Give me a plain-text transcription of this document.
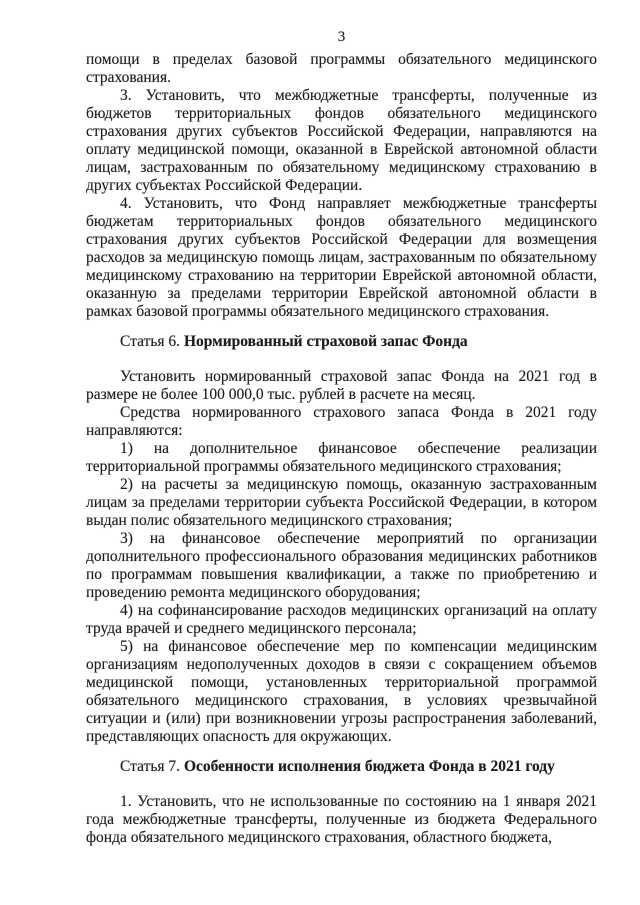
3

помощи в пределах базовой программы обязательного медицинского страхования.

3. Установить, что межбюджетные трансферты, полученные из бюджетов территориальных фондов обязательного медицинского страхования других субъектов Российской Федерации, направляются на оплату медицинской помощи, оказанной в Еврейской автономной области лицам, застрахованным по обязательному медицинскому страхованию в других субъектах Российской Федерации.

4. Установить, что Фонд направляет межбюджетные трансферты бюджетам территориальных фондов обязательного медицинского страхования других субъектов Российской Федерации для возмещения расходов за медицинскую помощь лицам, застрахованным по обязательному медицинскому страхованию на территории Еврейской автономной области, оказанную за пределами территории Еврейской автономной области в рамках базовой программы обязательного медицинского страхования.

Статья 6. Нормированный страховой запас Фонда

Установить нормированный страховой запас Фонда на 2021 год в размере не более 100 000,0 тыс. рублей в расчете на месяц.

Средства нормированного страхового запаса Фонда в 2021 году направляются:

1) на дополнительное финансовое обеспечение реализации территориальной программы обязательного медицинского страхования;

2) на расчеты за медицинскую помощь, оказанную застрахованным лицам за пределами территории субъекта Российской Федерации, в котором выдан полис обязательного медицинского страхования;

3) на финансовое обеспечение мероприятий по организации дополнительного профессионального образования медицинских работников по программам повышения квалификации, а также по приобретению и проведению ремонта медицинского оборудования;

4) на софинансирование расходов медицинских организаций на оплату труда врачей и среднего медицинского персонала;

5) на финансовое обеспечение мер по компенсации медицинским организациям недополученных доходов в связи с сокращением объемов медицинской помощи, установленных территориальной программой обязательного медицинского страхования, в условиях чрезвычайной ситуации и (или) при возникновении угрозы распространения заболеваний, представляющих опасность для окружающих.

Статья 7. Особенности исполнения бюджета Фонда в 2021 году

1. Установить, что не использованные по состоянию на 1 января 2021 года межбюджетные трансферты, полученные из бюджета Федерального фонда обязательного медицинского страхования, областного бюджета,
